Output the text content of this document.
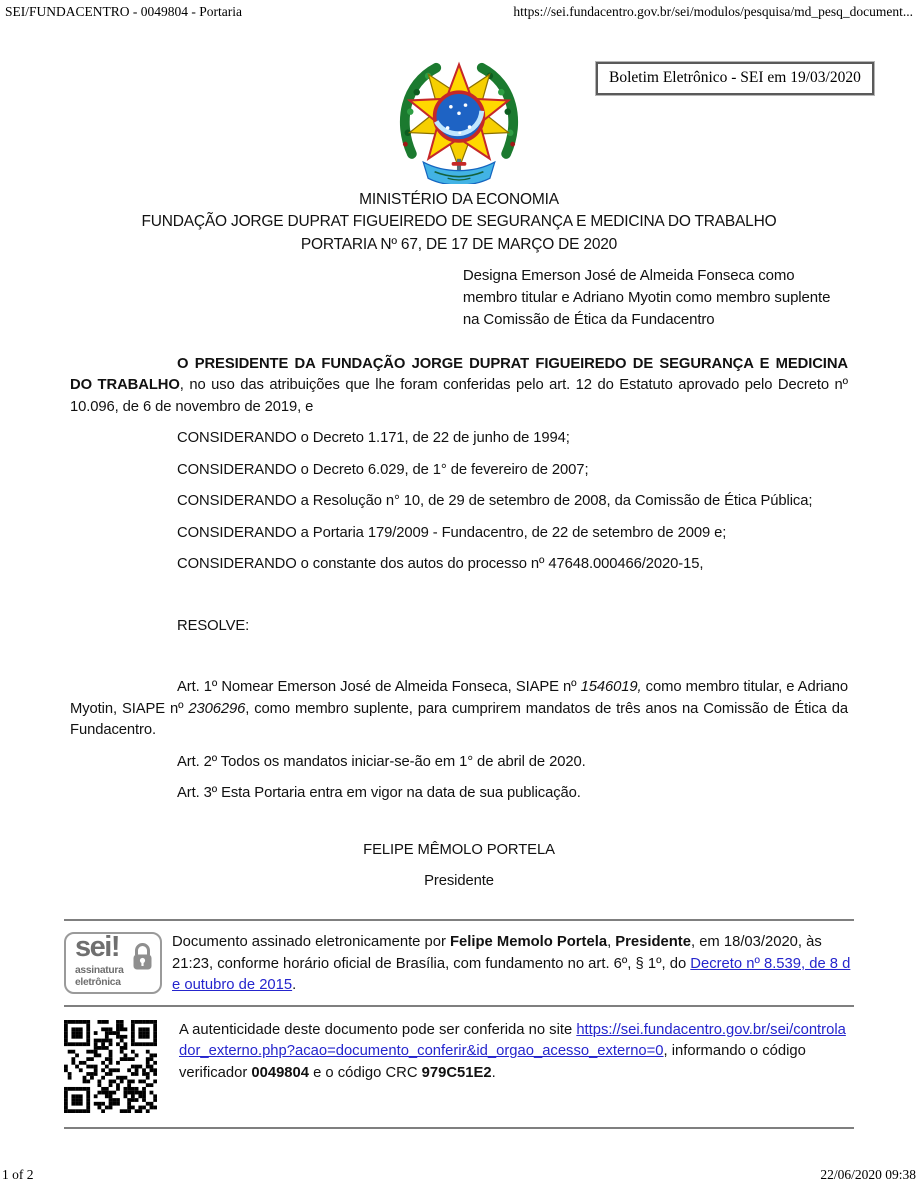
SEI/FUNDACENTRO - 0049804 - Portaria	https://sei.fundacentro.gov.br/sei/modulos/pesquisa/md_pesq_document...
Boletim Eletrônico - SEI em 19/03/2020
MINISTÉRIO DA ECONOMIA
FUNDAÇÃO JORGE DUPRAT FIGUEIREDO DE SEGURANÇA E MEDICINA DO TRABALHO
PORTARIA Nº 67, DE 17 DE MARÇO DE 2020
Designa Emerson José de Almeida Fonseca como membro titular e Adriano Myotin como membro suplente na Comissão de Ética da Fundacentro

O PRESIDENTE DA FUNDAÇÃO JORGE DUPRAT FIGUEIREDO DE SEGURANÇA E MEDICINA DO TRABALHO, no uso das atribuições que lhe foram conferidas pelo art. 12 do Estatuto aprovado pelo Decreto nº 10.096, de 6 de novembro de 2019, e

CONSIDERANDO o Decreto 1.171, de 22 de junho de 1994;

CONSIDERANDO o Decreto 6.029, de 1° de fevereiro de 2007;

CONSIDERANDO a Resolução n° 10, de 29 de setembro de 2008, da Comissão de Ética Pública;

CONSIDERANDO a Portaria 179/2009 - Fundacentro, de 22 de setembro de 2009 e;

CONSIDERANDO o constante dos autos do processo nº 47648.000466/2020-15,

RESOLVE:

Art. 1º Nomear Emerson José de Almeida Fonseca, SIAPE nº 1546019, como membro titular, e Adriano Myotin, SIAPE nº 2306296, como membro suplente, para cumprirem mandatos de três anos na Comissão de Ética da Fundacentro.

Art. 2º Todos os mandatos iniciar-se-ão em 1° de abril de 2020.

Art. 3º Esta Portaria entra em vigor na data de sua publicação.

FELIPE MÊMOLO PORTELA
Presidente
sei!
assinatura
eletrônica
Documento assinado eletronicamente por Felipe Memolo Portela, Presidente, em 18/03/2020, às 21:23, conforme horário oficial de Brasília, com fundamento no art. 6º, § 1º, do Decreto nº 8.539, de 8 de outubro de 2015.
A autenticidade deste documento pode ser conferida no site https://sei.fundacentro.gov.br/sei/controlador_externo.php?acao=documento_conferir&id_orgao_acesso_externo=0, informando o código verificador 0049804 e o código CRC 979C51E2.
1 of 2	22/06/2020 09:38
